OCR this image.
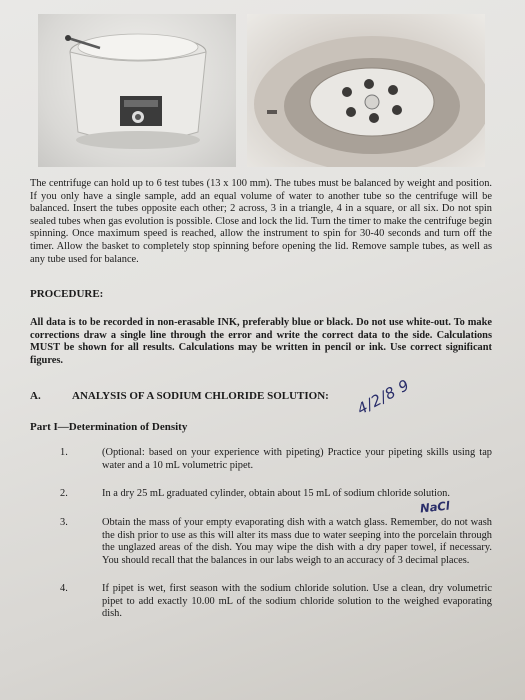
The centrifuge can hold up to 6 test tubes (13 x 100 mm). The tubes must be balanced by weight and position. If you only have a single sample, add an equal volume of water to another tube so the centrifuge will be balanced. Insert the tubes opposite each other; 2 across, 3 in a triangle, 4 in a square, or all six. Do not spin sealed tubes when gas evolution is possible. Close and lock the lid. Turn the timer to make the centrifuge begin spinning. Once maximum speed is reached, allow the instrument to spin for 30-40 seconds and turn off the timer. Allow the basket to completely stop spinning before opening the lid. Remove sample tubes, as well as any tube used for balance.

PROCEDURE:

All data is to be recorded in non-erasable INK, preferably blue or black. Do not use white-out. To make corrections draw a single line through the error and write the correct data to the side. Calculations MUST be shown for all results. Calculations may be written in pencil or ink. Use correct significant figures.

A.	ANALYSIS OF A SODIUM CHLORIDE SOLUTION:

Part I—Determination of Density

1.	(Optional: based on your experience with pipeting) Practice your pipeting skills using tap water and a 10 mL volumetric pipet.
2.	In a dry 25 mL graduated cylinder, obtain about 15 mL of sodium chloride solution.
3.	Obtain the mass of your empty evaporating dish with a watch glass. Remember, do not wash the dish prior to use as this will alter its mass due to water seeping into the porcelain through the unglazed areas of the dish. You may wipe the dish with a dry paper towel, if necessary. You should recall that the balances in our labs weigh to an accuracy of 3 decimal places.
4.	If pipet is wet, first season with the sodium chloride solution. Use a clean, dry volumetric pipet to add exactly 10.00 mL of the sodium chloride solution to the weighed evaporating dish.
4/2/8 9
NaCl
